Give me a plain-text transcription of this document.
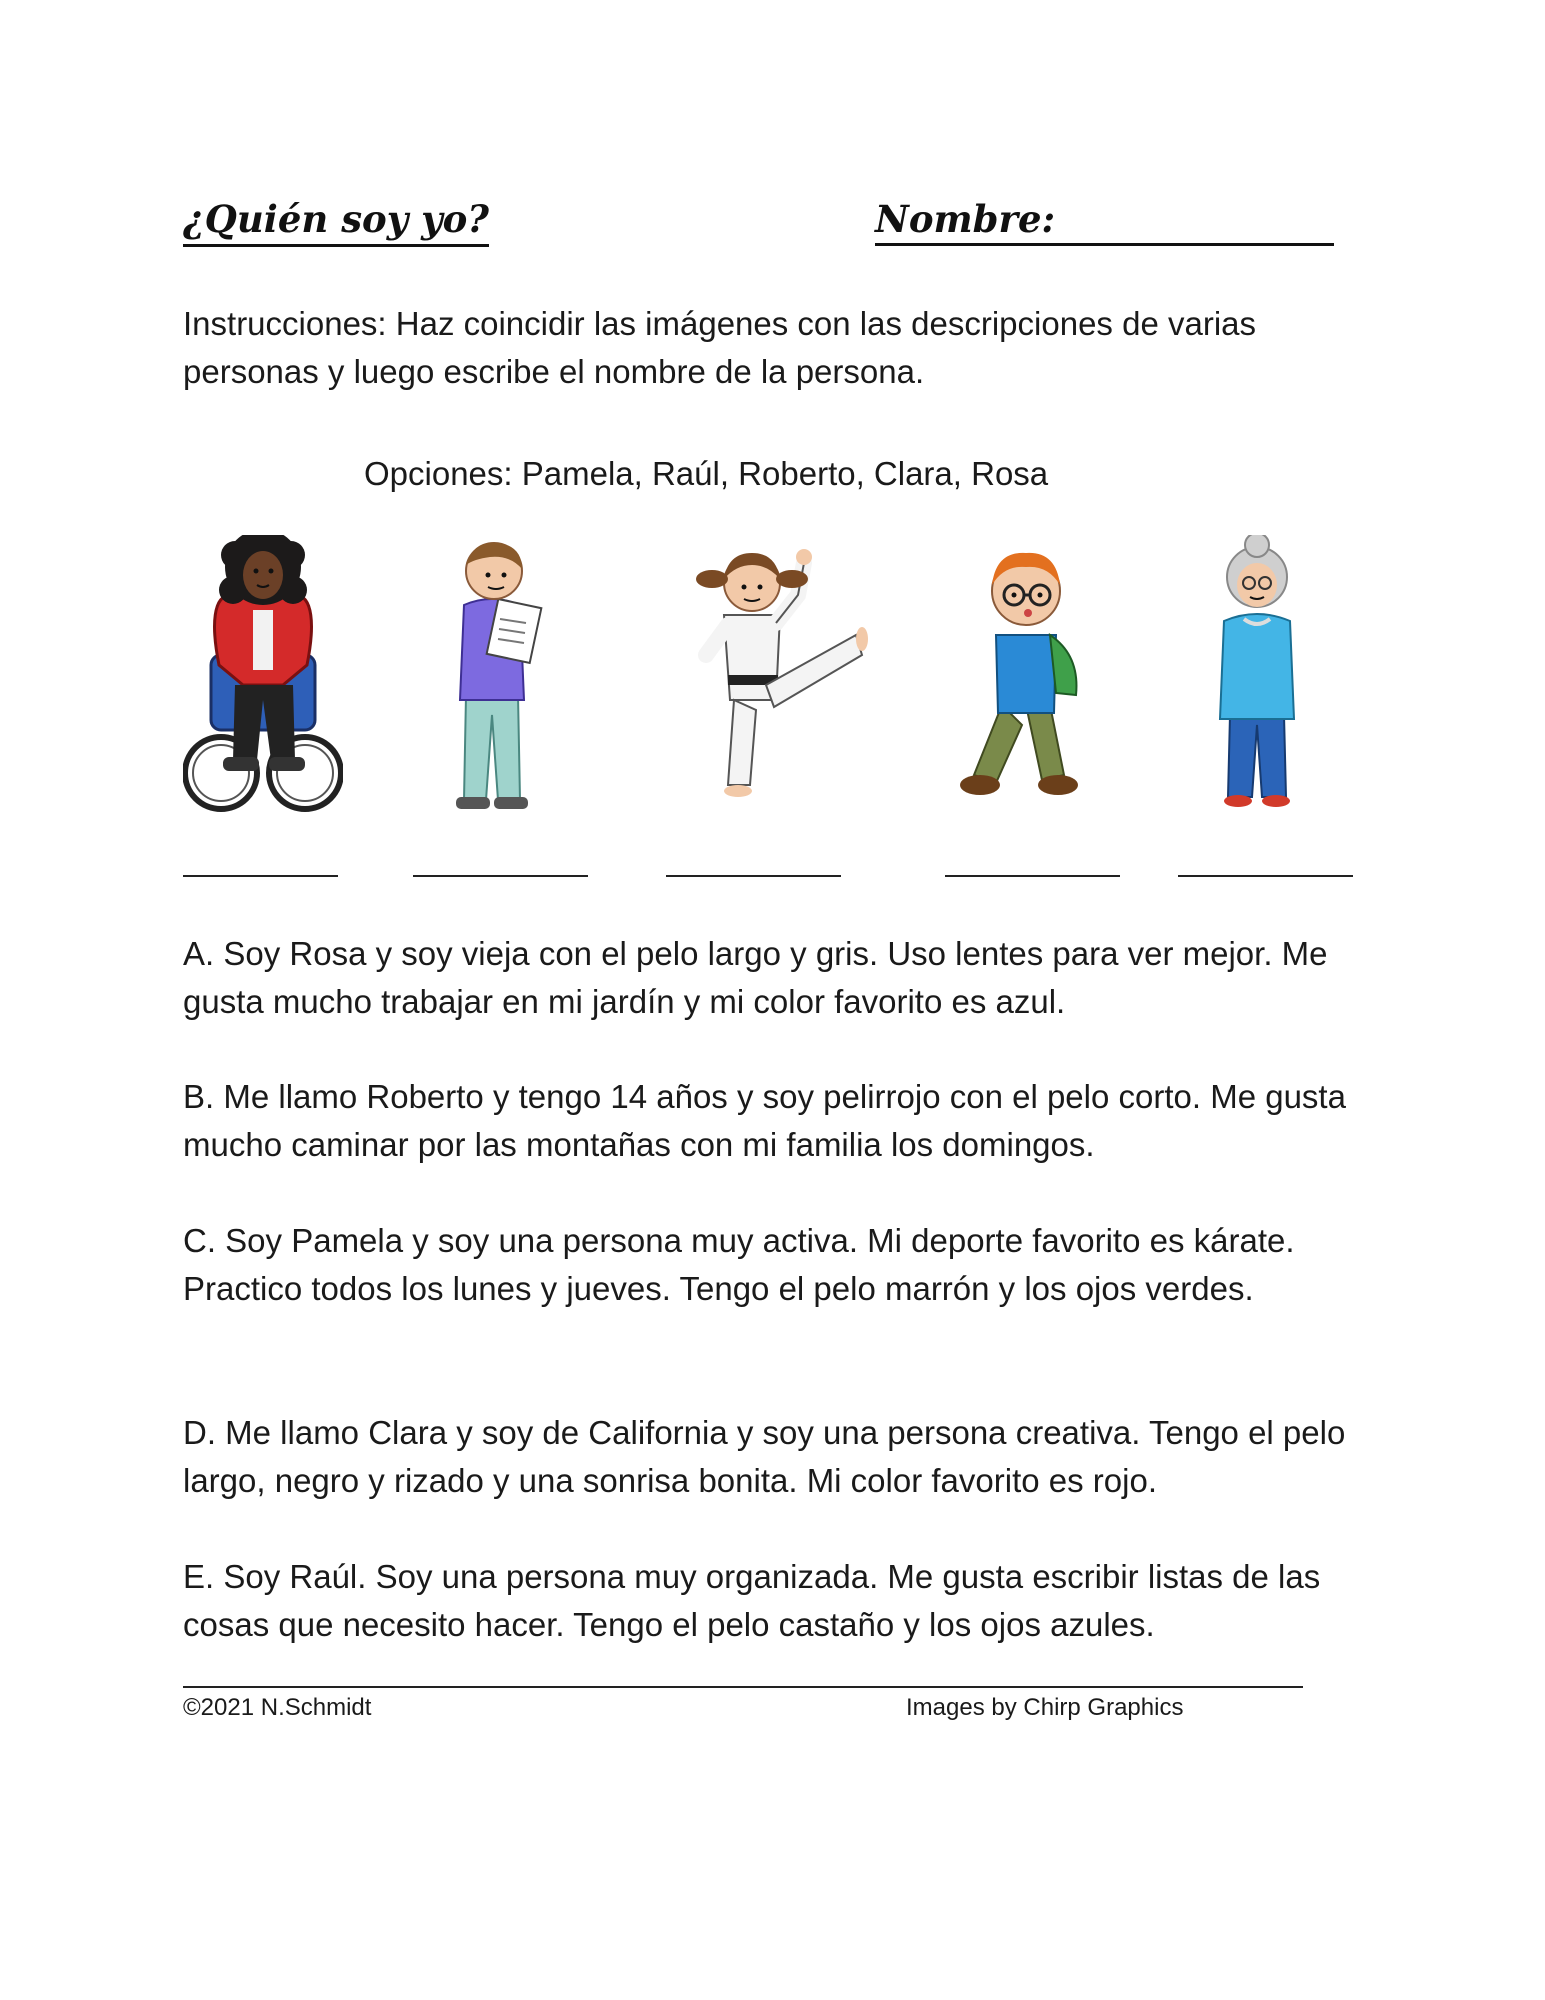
¿Quién soy yo?	Nombre:

Instrucciones: Haz coincidir las imágenes con las descripciones de varias personas y luego escribe el nombre de la persona.

Opciones: Pamela, Raúl, Roberto, Clara, Rosa

A. Soy Rosa y soy vieja con el pelo largo y gris. Uso lentes para ver mejor. Me gusta mucho trabajar en mi jardín y mi color favorito es azul.

B. Me llamo Roberto y tengo 14 años y soy pelirrojo con el pelo corto. Me gusta mucho caminar por las montañas con mi familia los domingos.

C. Soy Pamela y soy una persona muy activa. Mi deporte favorito es kárate. Practico todos los lunes y jueves. Tengo el pelo marrón y los ojos verdes.

D. Me llamo Clara y soy de California y soy una persona creativa. Tengo el pelo largo, negro y rizado y una sonrisa bonita. Mi color favorito es rojo.

E. Soy Raúl. Soy una persona muy organizada. Me gusta escribir listas de las cosas que necesito hacer. Tengo el pelo castaño y los ojos azules.

©2021 N.Schmidt	Images by Chirp Graphics
